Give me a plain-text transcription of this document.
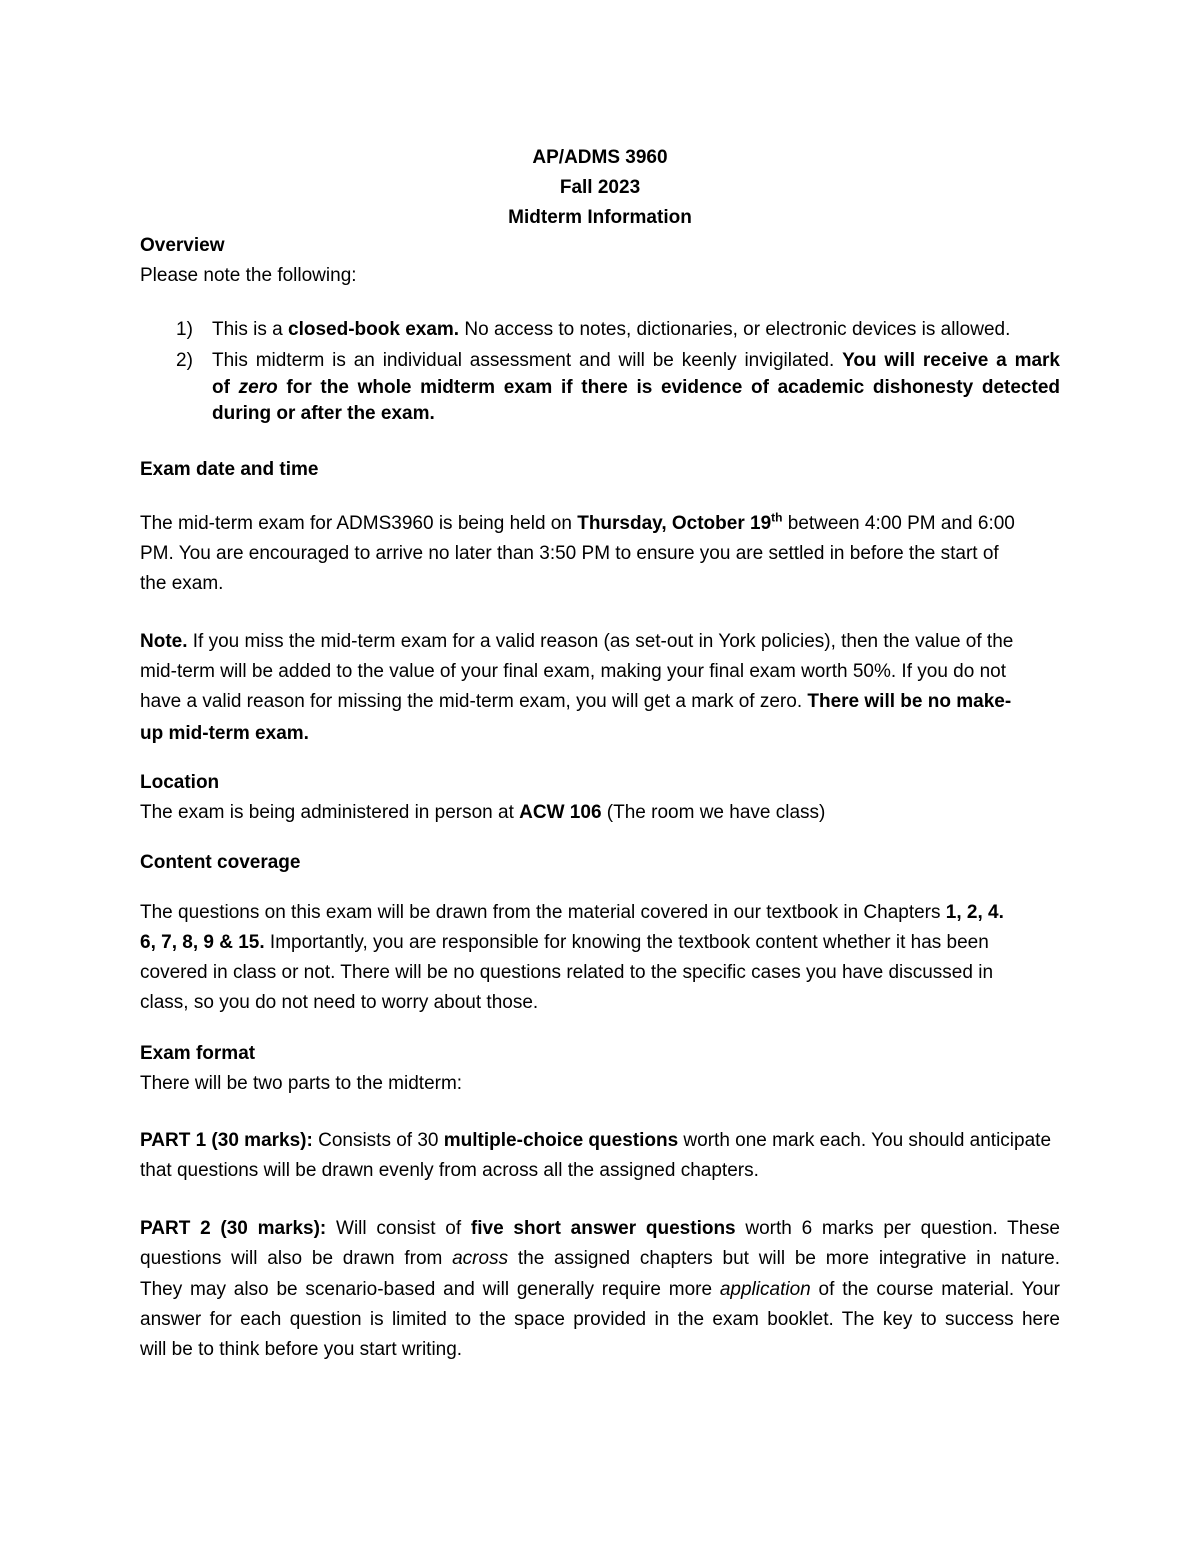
AP/ADMS 3960
Fall 2023
Midterm Information
Overview
Please note the following:
1) This is a closed-book exam. No access to notes, dictionaries, or electronic devices is allowed.
2) This midterm is an individual assessment and will be keenly invigilated. You will receive a mark
of zero for the whole midterm exam if there is evidence of academic dishonesty detected
during or after the exam.
Exam date and time
The mid-term exam for ADMS3960 is being held on Thursday, October 19th between 4:00 PM and 6:00
PM. You are encouraged to arrive no later than 3:50 PM to ensure you are settled in before the start of
the exam.
Note. If you miss the mid-term exam for a valid reason (as set-out in York policies), then the value of the
mid-term will be added to the value of your final exam, making your final exam worth 50%. If you do not
have a valid reason for missing the mid-term exam, you will get a mark of zero. There will be no make-
up mid-term exam.
Location
The exam is being administered in person at ACW 106 (The room we have class)
Content coverage
The questions on this exam will be drawn from the material covered in our textbook in Chapters 1, 2, 4.
6, 7, 8, 9 & 15. Importantly, you are responsible for knowing the textbook content whether it has been
covered in class or not. There will be no questions related to the specific cases you have discussed in
class, so you do not need to worry about those.
Exam format
There will be two parts to the midterm:
PART 1 (30 marks): Consists of 30 multiple-choice questions worth one mark each. You should anticipate
that questions will be drawn evenly from across all the assigned chapters.
PART 2 (30 marks): Will consist of five short answer questions worth 6 marks per question. These
questions will also be drawn from across the assigned chapters but will be more integrative in nature.
They may also be scenario-based and will generally require more application of the course material. Your
answer for each question is limited to the space provided in the exam booklet. The key to success here
will be to think before you start writing.
